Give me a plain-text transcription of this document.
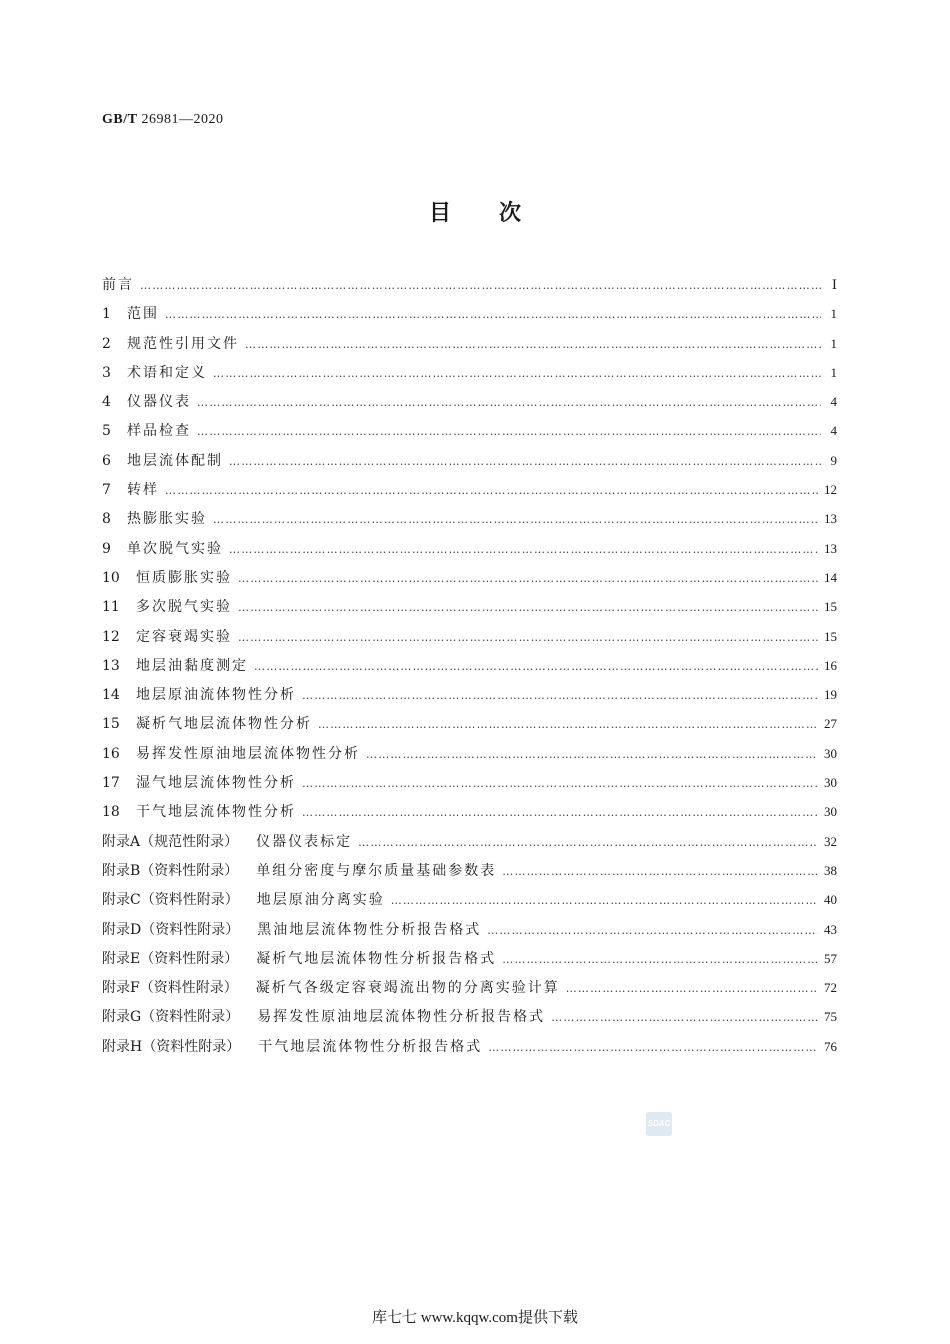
GB/T 26981—2020
目次
前言 …………………………………………………………………………………………………………………………………………………………………………………………………………	Ⅰ
1	范围 …………………………………………………………………………………………………………………………………………………………………………………………………………	1
2	规范性引用文件 …………………………………………………………………………………………………………………………………………………………………………………………………………	1
3	术语和定义 …………………………………………………………………………………………………………………………………………………………………………………………………………	1
4	仪器仪表 …………………………………………………………………………………………………………………………………………………………………………………………………………	4
5	样品检查 …………………………………………………………………………………………………………………………………………………………………………………………………………	4
6	地层流体配制 …………………………………………………………………………………………………………………………………………………………………………………………………………	9
7	转样 …………………………………………………………………………………………………………………………………………………………………………………………………………	12
8	热膨胀实验 …………………………………………………………………………………………………………………………………………………………………………………………………………	13
9	单次脱气实验 …………………………………………………………………………………………………………………………………………………………………………………………………………	13
10	恒质膨胀实验 …………………………………………………………………………………………………………………………………………………………………………………………………………	14
11	多次脱气实验 …………………………………………………………………………………………………………………………………………………………………………………………………………	15
12	定容衰竭实验 …………………………………………………………………………………………………………………………………………………………………………………………………………	15
13	地层油黏度测定 …………………………………………………………………………………………………………………………………………………………………………………………………………	16
14	地层原油流体物性分析 …………………………………………………………………………………………………………………………………………………………………………………………………………	19
15	凝析气地层流体物性分析 …………………………………………………………………………………………………………………………………………………………………………………………………………	27
16	易挥发性原油地层流体物性分析 …………………………………………………………………………………………………………………………………………………………………………………………………………	30
17	湿气地层流体物性分析 …………………………………………………………………………………………………………………………………………………………………………………………………………	30
18	干气地层流体物性分析 …………………………………………………………………………………………………………………………………………………………………………………………………………	30
附录A（规范性附录）	仪器仪表标定 …………………………………………………………………………………………………………………………………………………………………………………………………………	32
附录B（资料性附录）	单组分密度与摩尔质量基础参数表 …………………………………………………………………………………………………………………………………………………………………………………………………………	38
附录C（资料性附录）	地层原油分离实验 …………………………………………………………………………………………………………………………………………………………………………………………………………	40
附录D（资料性附录）	黑油地层流体物性分析报告格式 …………………………………………………………………………………………………………………………………………………………………………………………………………	43
附录E（资料性附录）	凝析气地层流体物性分析报告格式 …………………………………………………………………………………………………………………………………………………………………………………………………………	57
附录F（资料性附录）	凝析气各级定容衰竭流出物的分离实验计算 …………………………………………………………………………………………………………………………………………………………………………………………………………	72
附录G（资料性附录）	易挥发性原油地层流体物性分析报告格式 …………………………………………………………………………………………………………………………………………………………………………………………………………	75
附录H（资料性附录）	干气地层流体物性分析报告格式 …………………………………………………………………………………………………………………………………………………………………………………………………………	76
SDAC
库七七 www.kqqw.com提供下载
